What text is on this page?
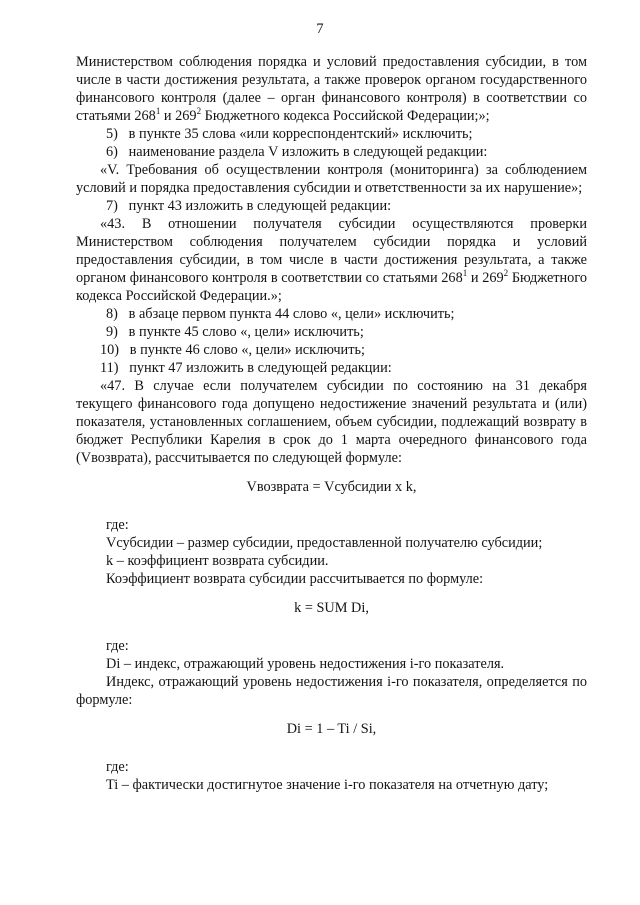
7
Министерством соблюдения порядка и условий предоставления субсидии, в том числе в части достижения результата, а также проверок органом государственного финансового контроля (далее – орган финансового контроля) в соответствии со статьями $268^1$ и $269^2$ Бюджетного кодекса Российской Федерации;»;
5)   в пункте 35 слова «или корреспондентский» исключить;
6)   наименование раздела V изложить в следующей редакции:
«V. Требования об осуществлении контроля (мониторинга) за соблюдением условий и порядка предоставления субсидии и ответственности за их нарушение»;
7)   пункт 43 изложить в следующей редакции:
«43. В отношении получателя субсидии осуществляются проверки Министерством соблюдения получателем субсидии порядка и условий предоставления субсидии, в том числе в части достижения результата, а также органом финансового контроля в соответствии со статьями $268^1$ и $269^2$ Бюджетного кодекса Российской Федерации.»;
8)   в абзаце первом пункта 44 слово «, цели» исключить;
9)   в пункте 45 слово «, цели» исключить;
10)   в пункте 46 слово «, цели» исключить;
11)   пункт 47 изложить в следующей редакции:
«47. В случае если получателем субсидии по состоянию на 31 декабря текущего финансового года допущено недостижение значений результата и (или) показателя, установленных соглашением, объем субсидии, подлежащий возврату в бюджет Республики Карелия в срок до 1 марта очередного финансового года (Vвозврата), рассчитывается по следующей формуле:
Vвозврата = Vсубсидии x k,
где:
Vсубсидии – размер субсидии, предоставленной получателю субсидии;
k – коэффициент возврата субсидии.
Коэффициент возврата субсидии рассчитывается по формуле:
k = SUM Di,
где:
Di – индекс, отражающий уровень недостижения i-го показателя.
Индекс, отражающий уровень недостижения i-го показателя, определяется по формуле:
Di = 1 – Ti / Si,
где:
Ti – фактически достигнутое значение i-го показателя на отчетную дату;
